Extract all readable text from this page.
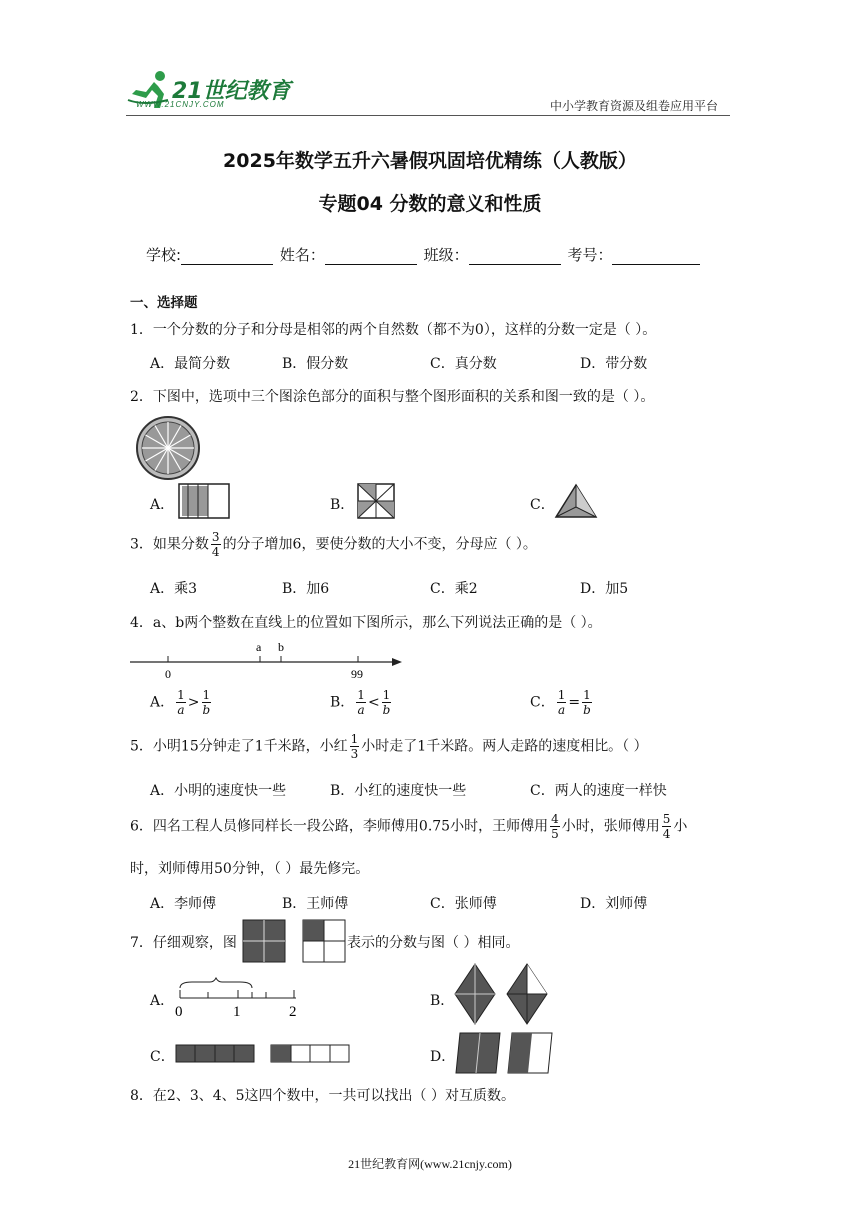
21世纪教育
WWW.21CNJY.COM	中小学教育资源及组卷应用平台
2025年数学五升六暑假巩固培优精练（人教版）
专题04 分数的意义和性质
学校:	姓名：	班级：	考号：
一、选择题
1．一个分数的分子和分母是相邻的两个自然数（都不为0），这样的分数一定是（ ）。
A．最简分数	B．假分数	C．真分数	D．带分数
2．下图中，选项中三个图涂色部分的面积与整个图形面积的关系和图一致的是（ ）。
A．	B．	C．
3．如果分数 $\frac{3}{4}$ 的分子增加6，要使分数的大小不变，分母应（ ）。
A．乘3	B．加6	C．乘2	D．加5
4．a、b两个整数在直线上的位置如下图所示，那么下列说法正确的是（ ）。
0
a b
99
A． $\frac{1}{a} > \frac{1}{b}$	B． $\frac{1}{a} < \frac{1}{b}$	C． $\frac{1}{a} = \frac{1}{b}$
5．小明15分钟走了1千米路，小红 $\frac{1}{3}$ 小时走了1千米路。两人走路的速度相比。（ ）
A．小明的速度快一些	B．小红的速度快一些	C．两人的速度一样快
6．四名工程人员修同样长一段公路，李师傅用0.75小时，王师傅用 $\frac{4}{5}$ 小时，张师傅用 $\frac{5}{4}$ 小
时，刘师傅用50分钟，（ ）最先修完。
A．李师傅	B．王师傅	C．张师傅	D．刘师傅
7．仔细观察，图	表示的分数与图（ ）相同。
A．
0	1	2
B．
C．	D．
8．在2、3、4、5这四个数中，一共可以找出（ ）对互质数。
21世纪教育网(www.21cnjy.com)
